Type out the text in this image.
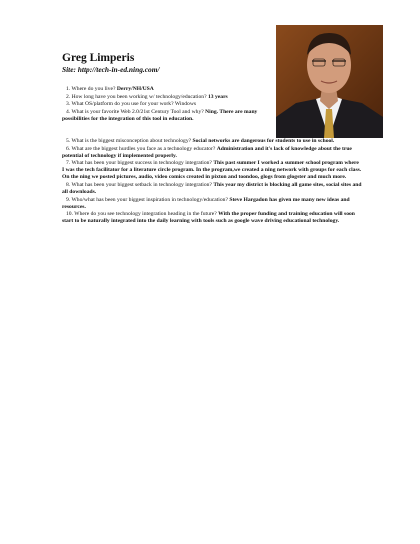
Greg Limperis
Site: http://tech-in-ed.ning.com/

1. Where do you live? Derry/NH/USA

2. How long have you been working w/ technology/education? 13 years

3. What OS/platform do you use for your work? Windows

4. What is your favorite Web 2.0/21st Century Tool and why? Ning. There are many possibilities for the integration of this tool in education.

5. What is the biggest misconception about technology? Social networks are dangerous for students to use in school.

6. What are the biggest hurdles you face as a technology educator? Administration and it's lack of knowledge about the true potential of technology if implemented properly.

7. What has been your biggest success in technology integration? This past summer I worked a summer school program where I was the tech facilitator for a literature circle program. In the program,we created a ning network with groups for each class. On the ning we posted pictures, audio, video comics created in pixton and toondoo, glogs from glogster and much more.

8. What has been your biggest setback in technology integration? This year my district is blocking all game sites, social sites and all downloads.

9. Who/what has been your biggest inspiration in technology/education? Steve Hargadon has given me many new ideas and resources.

10. Where do you see technology integration heading in the future? With the proper funding and training education will soon start to be naturally integrated into the daily learning with tools such as google wave driving educational technology.
